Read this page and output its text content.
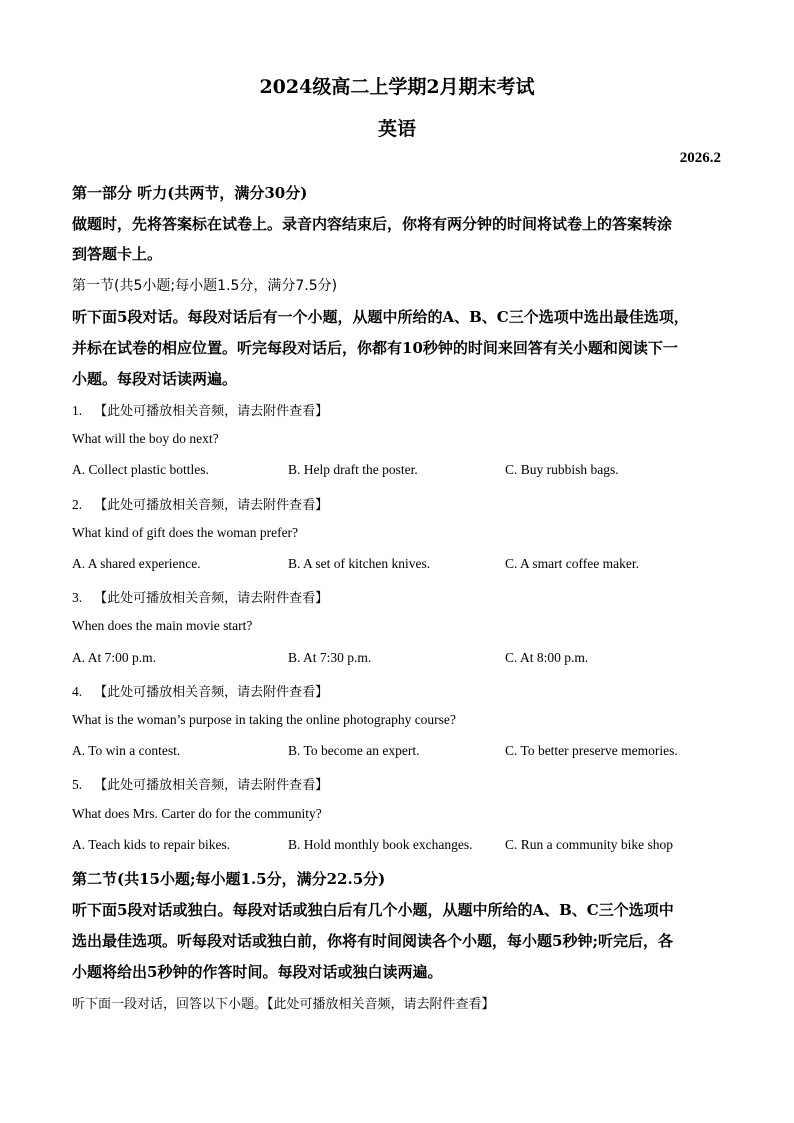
2024级高二上学期2月期末考试
英语
2026.2
第一部分 听力(共两节，满分30分)
做题时，先将答案标在试卷上。录音内容结束后，你将有两分钟的时间将试卷上的答案转涂
到答题卡上。
第一节(共5小题;每小题1.5分，满分7.5分)
听下面5段对话。每段对话后有一个小题，从题中所给的A、B、C三个选项中选出最佳选项，
并标在试卷的相应位置。听完每段对话后，你都有10秒钟的时间来回答有关小题和阅读下一
小题。每段对话读两遍。
1. 【此处可播放相关音频，请去附件查看】
What will the boy do next?
A. Collect plastic bottles.	B. Help draft the poster.	C. Buy rubbish bags.
2. 【此处可播放相关音频，请去附件查看】
What kind of gift does the woman prefer?
A. A shared experience.	B. A set of kitchen knives.	C. A smart coffee maker.
3. 【此处可播放相关音频，请去附件查看】
When does the main movie start?
A. At 7:00 p.m.	B. At 7:30 p.m.	C. At 8:00 p.m.
4. 【此处可播放相关音频，请去附件查看】
What is the woman’s purpose in taking the online photography course?
A. To win a contest.	B. To become an expert.	C. To better preserve memories.
5. 【此处可播放相关音频，请去附件查看】
What does Mrs. Carter do for the community?
A. Teach kids to repair bikes.	B. Hold monthly book exchanges. C. Run a community bike shop
第二节(共15小题;每小题1.5分，满分22.5分)
听下面5段对话或独白。每段对话或独白后有几个小题，从题中所给的A、B、C三个选项中
选出最佳选项。听每段对话或独白前，你将有时间阅读各个小题，每小题5秒钟;听完后，各
小题将给出5秒钟的作答时间。每段对话或独白读两遍。
听下面一段对话，回答以下小题。【此处可播放相关音频，请去附件查看】
